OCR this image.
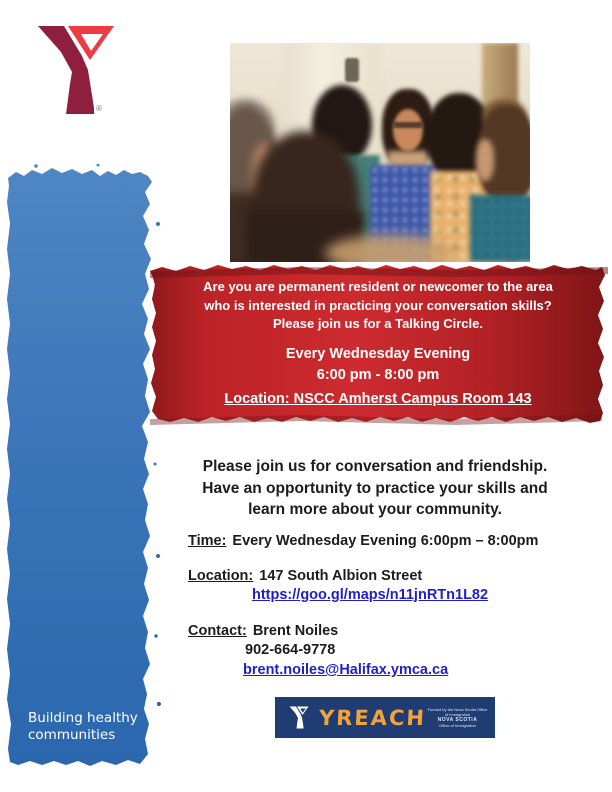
®

Are you are permanent resident or newcomer to the area

who is interested in practicing your conversation skills?

Please join us for a Talking Circle.

Every Wednesday Evening

6:00 pm - 8:00 pm

Location: NSCC Amherst Campus Room 143

Please join us for conversation and friendship.

Have an opportunity to practice your skills and

learn more about your community.

Time: Every Wednesday Evening 6:00pm – 8:00pm

Location: 147 South Albion Street

https://goo.gl/maps/n11jnRTn1L82

Contact: Brent Noiles

902-664-9778

brent.noiles@Halifax.ymca.ca

YREACH Funded by the Nova Scotia Office of Immigration
NOVA SCOTIA
Office of Immigration

Building healthy

communities
